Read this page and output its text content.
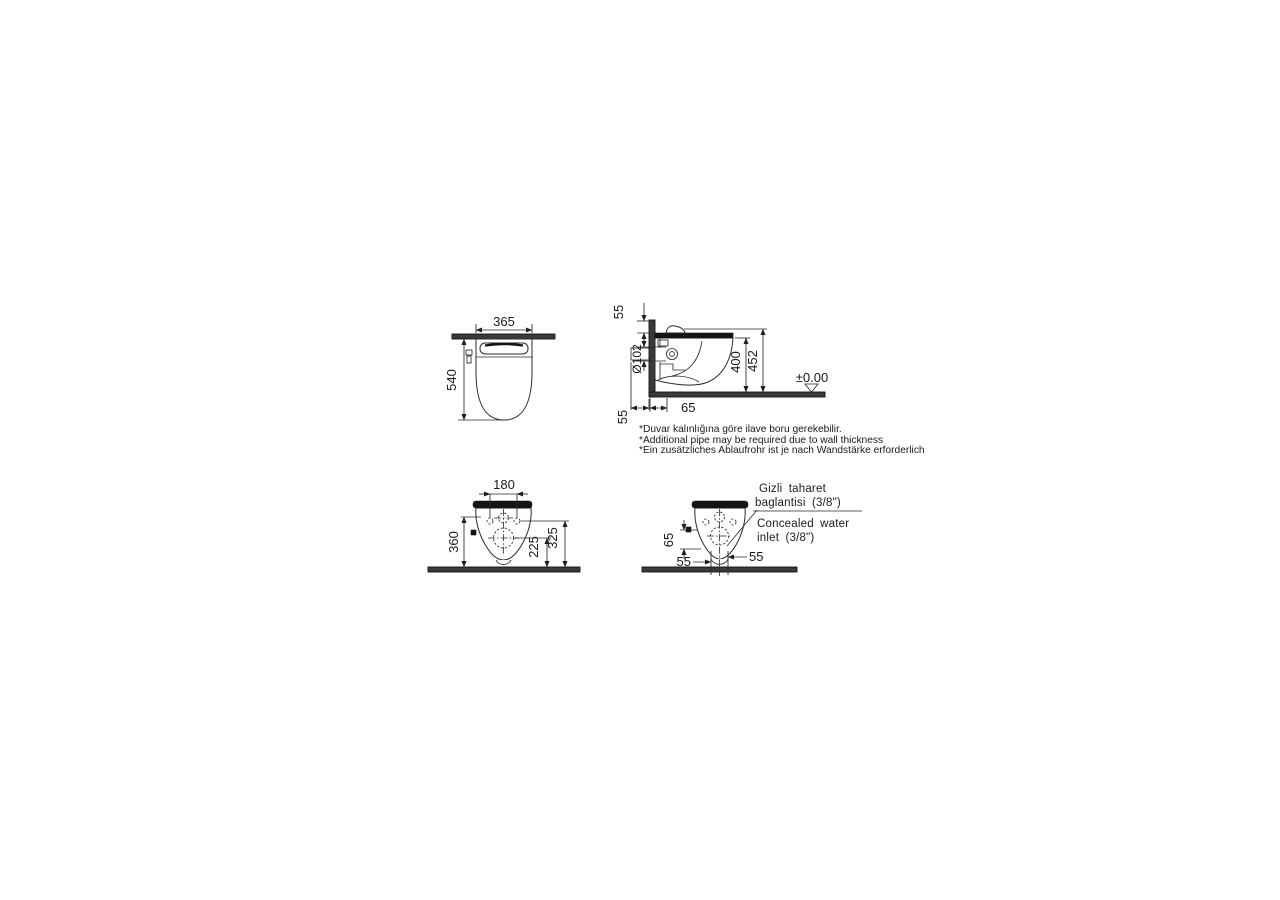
365
540
55
Ø102	400 452
65
55
±0.00
*Duvar kalınlığına göre ilave boru gerekebilir.
*Additional pipe may be required due to wall thickness
*Ein zusätzliches Ablaufrohr ist je nach Wandstärke erforderlich
180
360	225 325	65
55	55
Gizli taharet
baglantisi (3/8")
Concealed water
inlet (3/8")
